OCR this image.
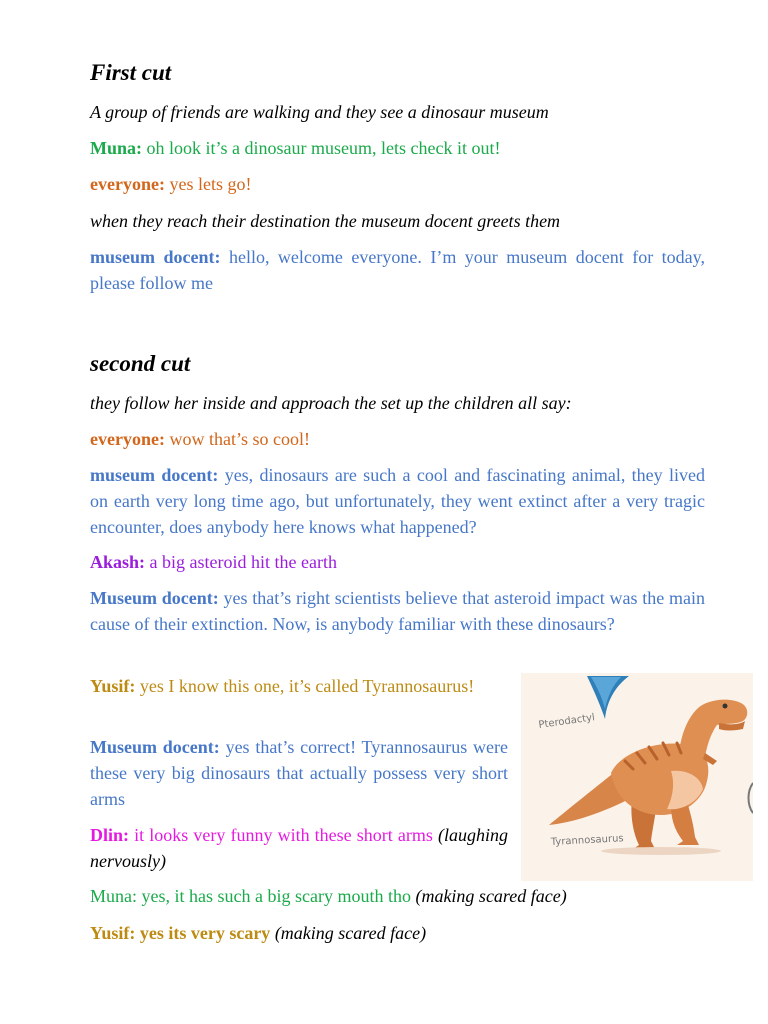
First cut

A group of friends are walking and they see a dinosaur museum

Muna: oh look it’s a dinosaur museum, lets check it out!

everyone: yes lets go!

when they reach their destination the museum docent greets them

museum docent: hello, welcome everyone. I’m your museum docent for today, please follow me

second cut

they follow her inside and approach the set up the children all say:

everyone: wow that’s so cool!

museum docent: yes, dinosaurs are such a cool and fascinating animal, they lived on earth very long time ago, but unfortunately, they went extinct after a very tragic encounter, does anybody here knows what happened?

Akash: a big asteroid hit the earth

Museum docent: yes that’s right scientists believe that asteroid impact was the main cause of their extinction. Now, is anybody familiar with these dinosaurs?

Yusif: yes I know this one, it’s called Tyrannosaurus!

Museum docent: yes that’s correct! Tyrannosaurus were these very big dinosaurs that actually possess very short arms

Dlin: it looks very funny with these short arms (laughing nervously)

Muna: yes, it has such a big scary mouth tho (making scared face)

Yusif: yes its very scary (making scared face)

Pterodactyl
Tyrannosaurus
